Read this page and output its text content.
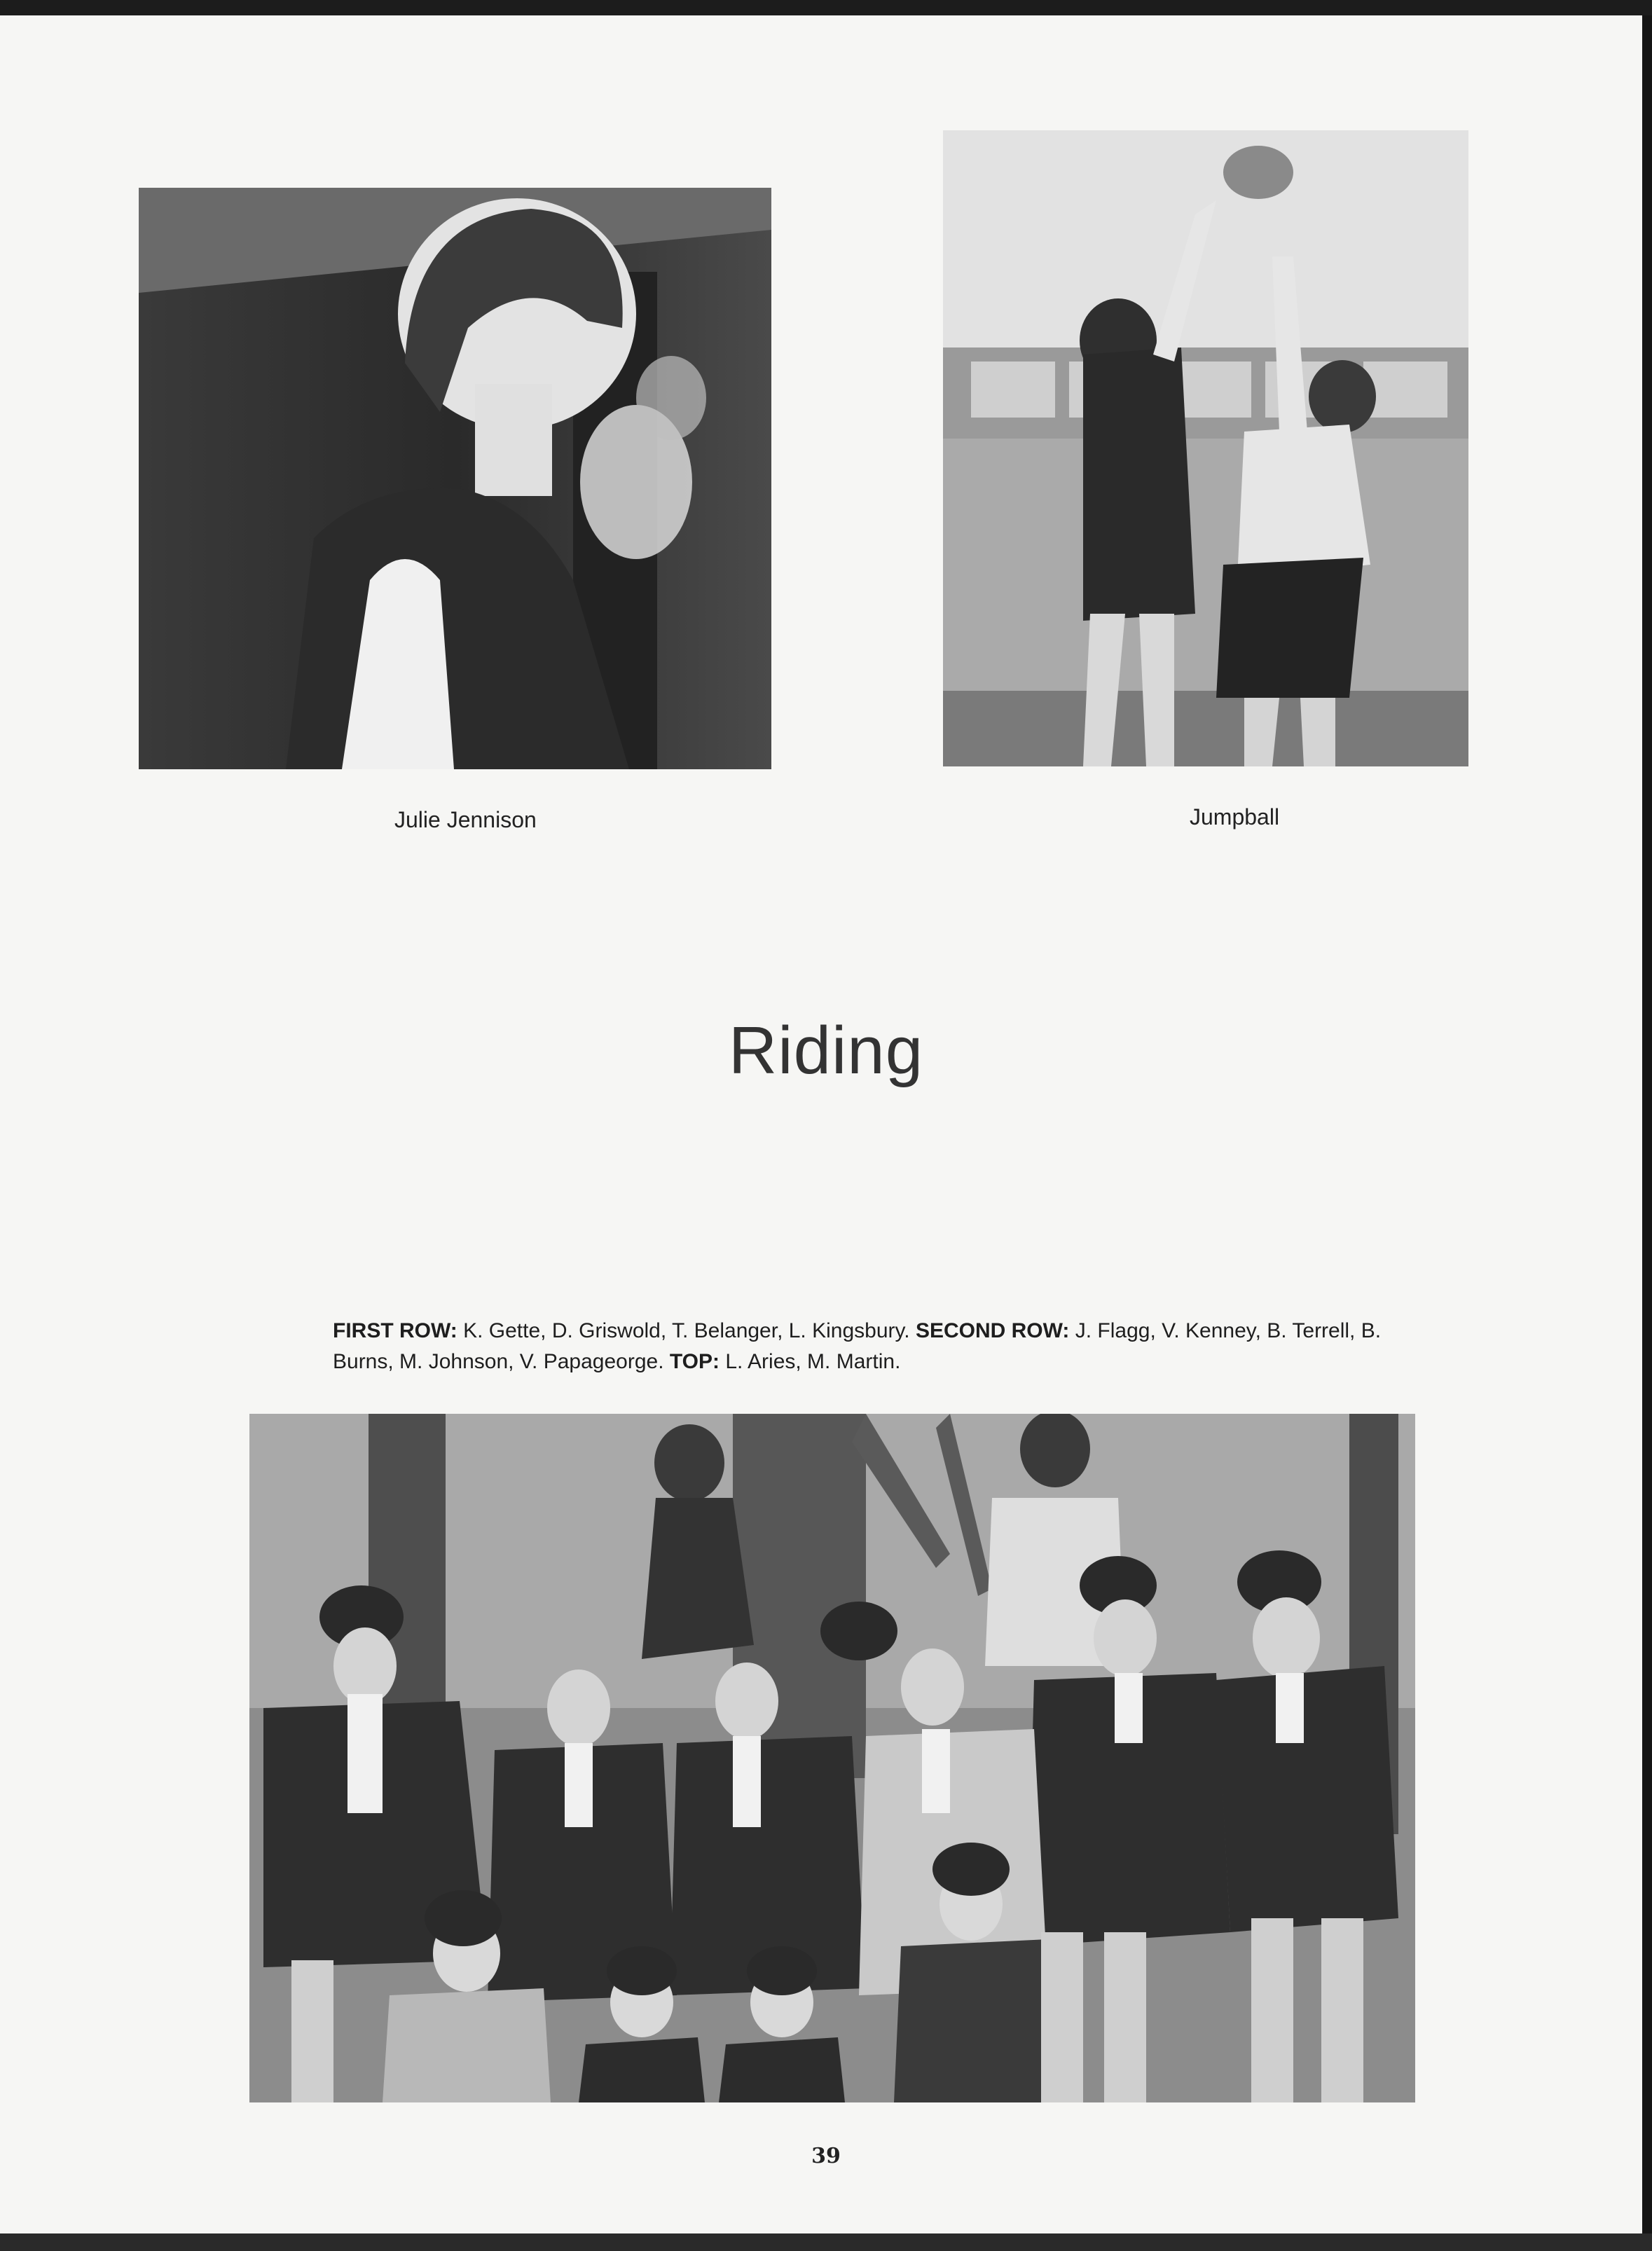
Julie Jennison	Jumpball
Riding
FIRST ROW: K. Gette, D. Griswold, T. Belanger, L. Kingsbury. SECOND ROW: J. Flagg, V. Kenney, B. Terrell, B. Burns, M. Johnson, V. Papageorge. TOP: L. Aries, M. Martin.
39
